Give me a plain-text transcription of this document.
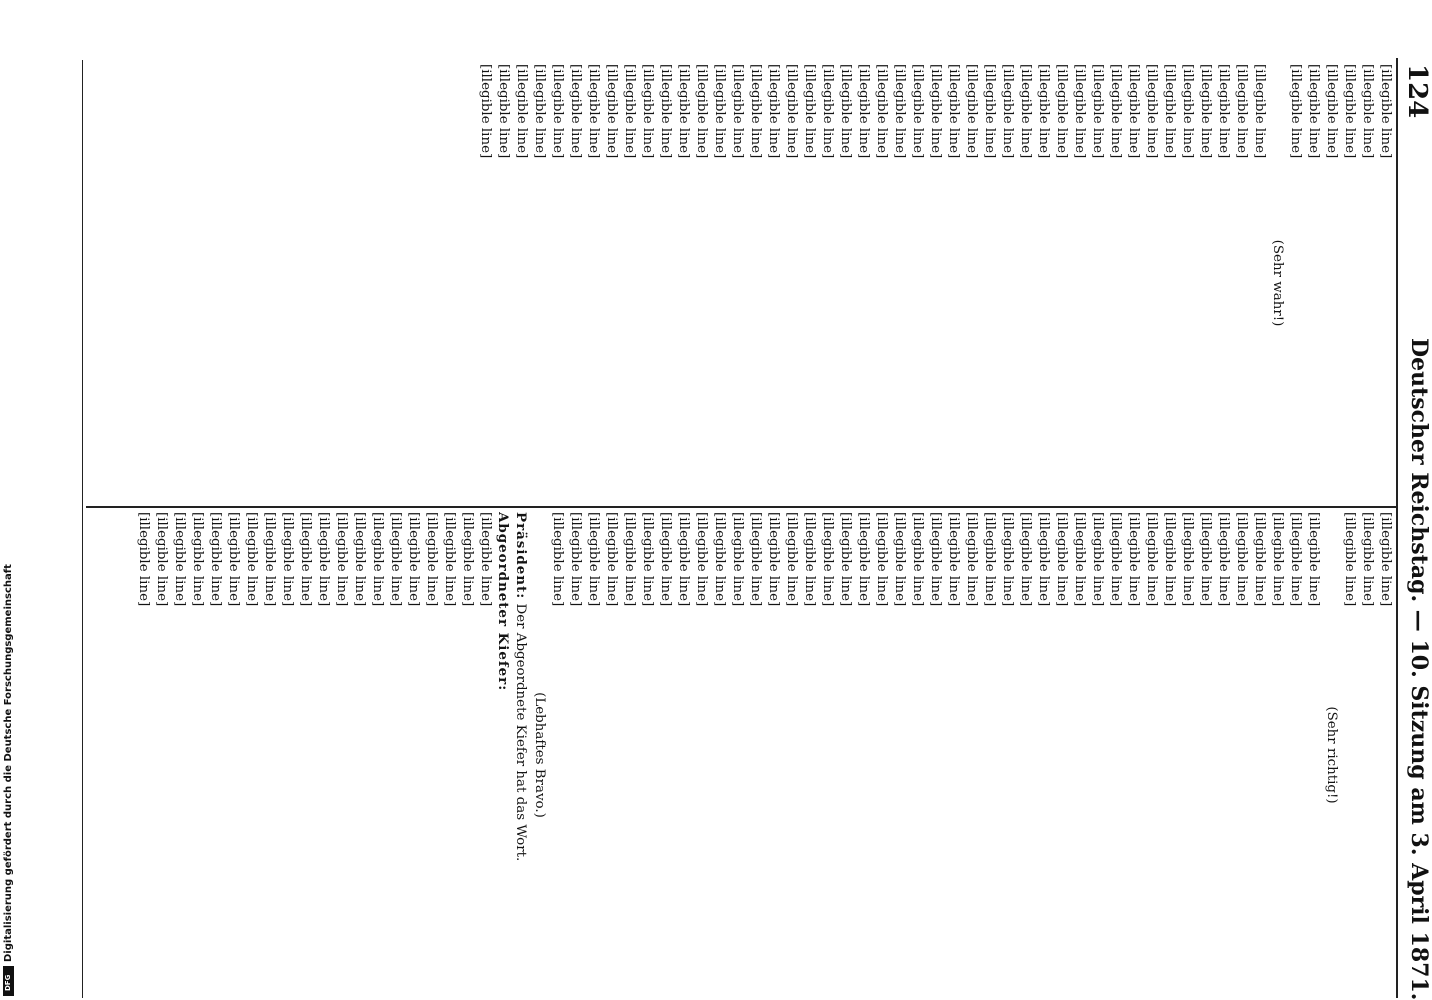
124
Deutscher Reichstag. — 10. Sitzung am 3. April 1871.
[illegible line]
[illegible line]
[illegible line]
[illegible line]
[illegible line]
[illegible line]
(Sehr wahr!)
[illegible line]
[illegible line]
[illegible line]
[illegible line]
[illegible line]
[illegible line]
[illegible line]
[illegible line]
[illegible line]
[illegible line]
[illegible line]
[illegible line]
[illegible line]
[illegible line]
[illegible line]
[illegible line]
[illegible line]
[illegible line]
[illegible line]
[illegible line]
[illegible line]
[illegible line]
[illegible line]
[illegible line]
[illegible line]
[illegible line]
[illegible line]
[illegible line]
[illegible line]
[illegible line]
[illegible line]
[illegible line]
[illegible line]
[illegible line]
[illegible line]
[illegible line]
[illegible line]
[illegible line]
[illegible line]
[illegible line]
[illegible line]
[illegible line]
[illegible line]
[illegible line]
[illegible line]
[illegible line]
[illegible line]
(Sehr richtig!)
[illegible line]
[illegible line]
[illegible line]
[illegible line]
[illegible line]
[illegible line]
[illegible line]
[illegible line]
[illegible line]
[illegible line]
[illegible line]
[illegible line]
[illegible line]
[illegible line]
[illegible line]
[illegible line]
[illegible line]
[illegible line]
[illegible line]
[illegible line]
[illegible line]
[illegible line]
[illegible line]
[illegible line]
[illegible line]
[illegible line]
[illegible line]
[illegible line]
[illegible line]
[illegible line]
[illegible line]
[illegible line]
[illegible line]
[illegible line]
[illegible line]
[illegible line]
[illegible line]
[illegible line]
[illegible line]
[illegible line]
[illegible line]
[illegible line]
[illegible line]
(Lebhaftes Bravo.)
Präsident: Der Abgeordnete Kiefer hat das Wort.
Abgeordneter Kiefer:
[illegible line]
[illegible line]
[illegible line]
[illegible line]
[illegible line]
[illegible line]
[illegible line]
[illegible line]
[illegible line]
[illegible line]
[illegible line]
[illegible line]
[illegible line]
[illegible line]
[illegible line]
[illegible line]
[illegible line]
[illegible line]
[illegible line]
[illegible line]
Digitalisierung gefördert durch die Deutsche Forschungsgemeinschaft
DFG
